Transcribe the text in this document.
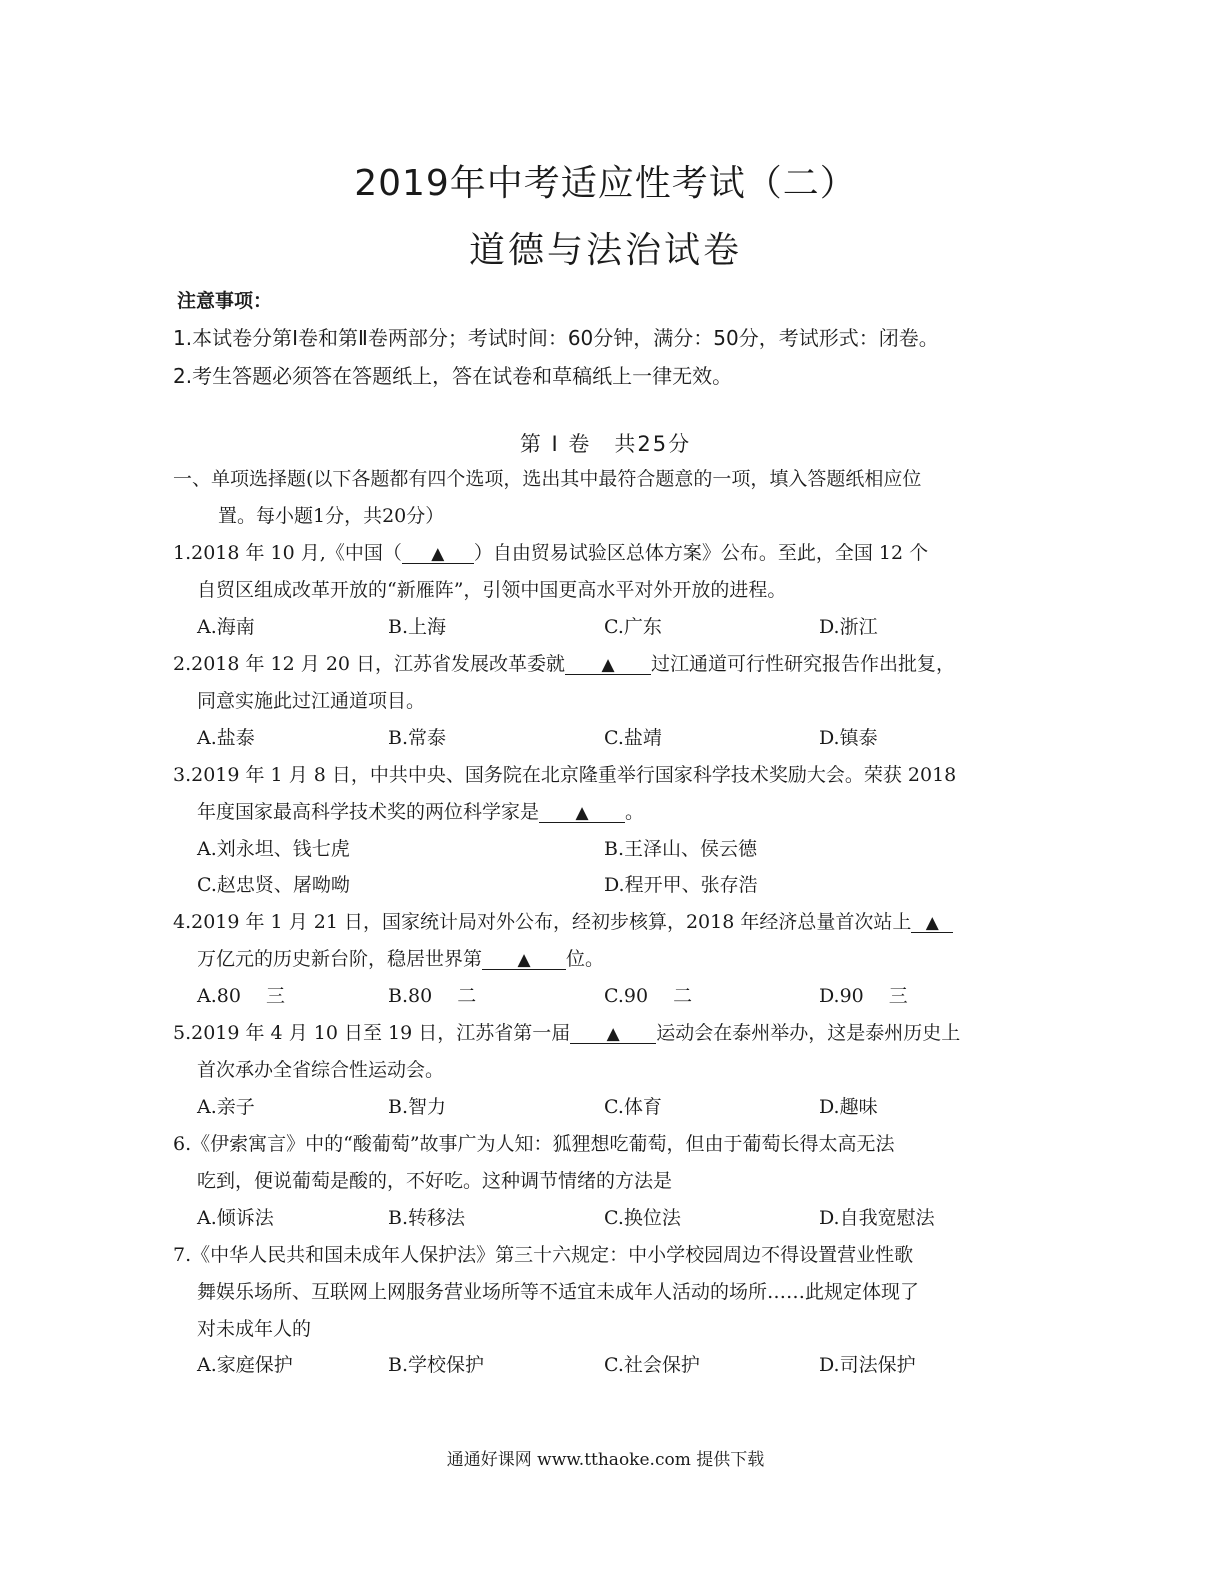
2019年中考适应性考试（二）
道德与法治试卷
注意事项：
1.本试卷分第Ⅰ卷和第Ⅱ卷两部分；考试时间：60分钟，满分：50分，考试形式：闭卷。
2.考生答题必须答在答题纸上，答在试卷和草稿纸上一律无效。
第 Ⅰ 卷　共25分
一、单项选择题(以下各题都有四个选项，选出其中最符合题意的一项，填入答题纸相应位
置。每小题1分，共20分）
1.2018 年 10 月,《中国（ ▲ ）自由贸易试验区总体方案》公布。至此，全国 12 个
自贸区组成改革开放的“新雁阵”，引领中国更高水平对外开放的进程。
A.海南	B.上海	C.广东	D.浙江
2.2018 年 12 月 20 日，江苏省发展改革委就 ▲ 过江通道可行性研究报告作出批复，
同意实施此过江通道项目。
A.盐泰	B.常泰	C.盐靖	D.镇泰
3.2019 年 1 月 8 日，中共中央、国务院在北京隆重举行国家科学技术奖励大会。荣获 2018
年度国家最高科学技术奖的两位科学家是 ▲ 。
A.刘永坦、钱七虎	B.王泽山、侯云德
C.赵忠贤、屠呦呦	D.程开甲、张存浩
4.2019 年 1 月 21 日，国家统计局对外公布，经初步核算，2018 年经济总量首次站上 ▲
万亿元的历史新台阶，稳居世界第 ▲ 位。
A.80　 三	B.80　 二	C.90　 二	D.90　 三
5.2019 年 4 月 10 日至 19 日，江苏省第一届 ▲ 运动会在泰州举办，这是泰州历史上
首次承办全省综合性运动会。
A.亲子	B.智力	C.体育	D.趣味
6.《伊索寓言》中的“酸葡萄”故事广为人知：狐狸想吃葡萄，但由于葡萄长得太高无法
吃到，便说葡萄是酸的，不好吃。这种调节情绪的方法是
A.倾诉法	B.转移法	C.换位法	D.自我宽慰法
7.《中华人民共和国未成年人保护法》第三十六规定：中小学校园周边不得设置营业性歌
舞娱乐场所、互联网上网服务营业场所等不适宜未成年人活动的场所……此规定体现了
对未成年人的
A.家庭保护	B.学校保护	C.社会保护	D.司法保护
通通好课网 www.tthaoke.com 提供下载
